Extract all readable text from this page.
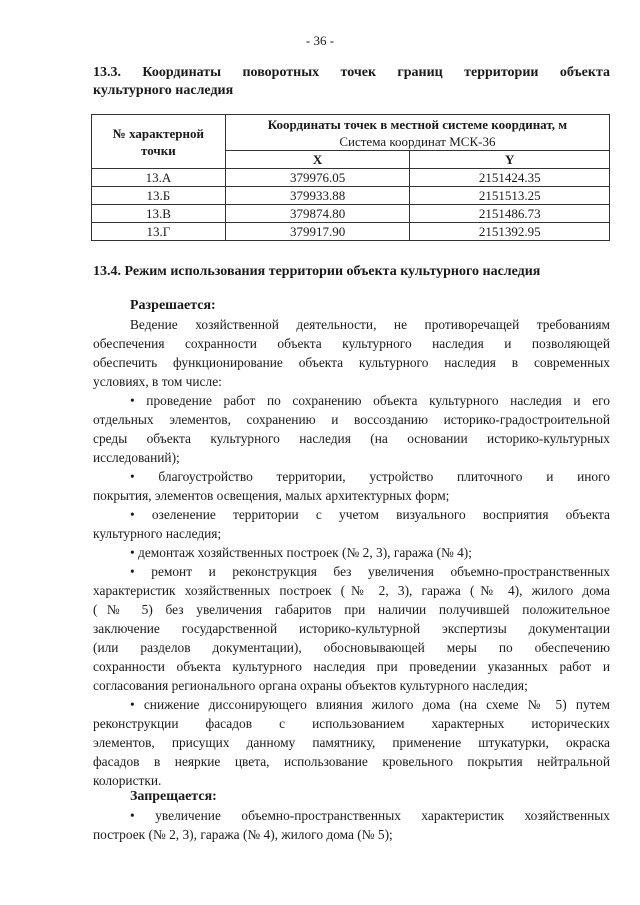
- 36 -
13.3. Координаты поворотных точек границ территории объекта
культурного наследия
№ характерной
точки	Координаты точек в местной системе координат, м
Система координат МСК-36	

	X	Y
13.А	379976.05	2151424.35
13.Б	379933.88	2151513.25
13.В	379874.80	2151486.73
13.Г	379917.90	2151392.95
13.4. Режим использования территории объекта культурного наследия
Разрешается:
Ведение хозяйственной деятельности, не противоречащей требованиям
обеспечения сохранности объекта культурного наследия и позволяющей
обеспечить функционирование объекта культурного наследия в современных
условиях, в том числе:
• проведение работ по сохранению объекта культурного наследия и его
отдельных элементов, сохранению и воссозданию историко-градостроительной
среды объекта культурного наследия (на основании историко-культурных
исследований);
• благоустройство территории, устройство плиточного и иного
покрытия, элементов освещения, малых архитектурных форм;
• озеленение территории с учетом визуального восприятия объекта
культурного наследия;
• демонтаж хозяйственных построек (№ 2, 3), гаража (№ 4);
• ремонт и реконструкция без увеличения объемно-пространственных
характеристик хозяйственных построек (№ 2, 3), гаража (№ 4), жилого дома
(№ 5) без увеличения габаритов при наличии получившей положительное
заключение государственной историко-культурной экспертизы документации
(или разделов документации), обосновывающей меры по обеспечению
сохранности объекта культурного наследия при проведении указанных работ и
согласования регионального органа охраны объектов культурного наследия;
• снижение диссонирующего влияния жилого дома (на схеме № 5) путем
реконструкции фасадов с использованием характерных исторических
элементов, присущих данному памятнику, применение штукатурки, окраска
фасадов в неяркие цвета, использование кровельного покрытия нейтральной
колористки.
Запрещается:
• увеличение объемно-пространственных характеристик хозяйственных
построек (№ 2, 3), гаража (№ 4), жилого дома (№ 5);
